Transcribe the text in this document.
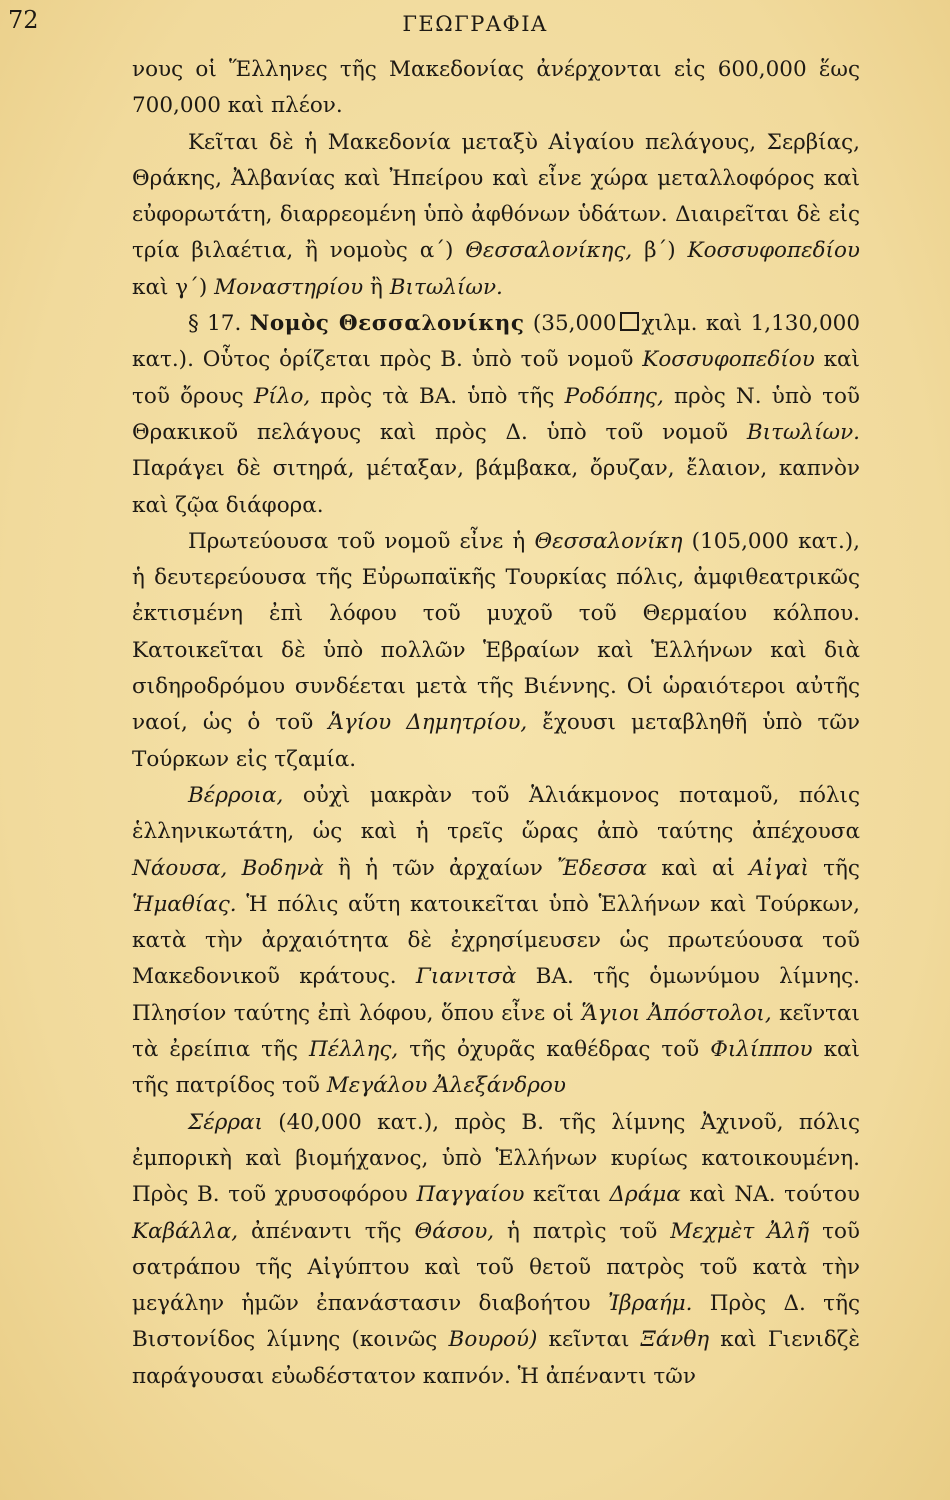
72	ΓΕΩΓΡΑΦΙΑ

νους οἱ Ἕλληνες τῆς Μακεδονίας ἀνέρχονται εἰς 600,000 ἕως 700,000 καὶ πλέον.

Κεῖται δὲ ἡ Μακεδονία μεταξὺ Αἰγαίου πελάγους, Σερβίας, Θράκης, Ἀλβανίας καὶ Ἠπείρου καὶ εἶνε χώρα μεταλλοφόρος καὶ εὐφορωτάτη, διαρρεομένη ὑπὸ ἀφθόνων ὑδάτων. Διαιρεῖται δὲ εἰς τρία βιλαέτια, ἢ νομοὺς α΄) Θεσσαλονίκης, β΄) Κοσσυφοπεδίου καὶ γ΄) Μοναστηρίου ἢ Βιτωλίων.

§ 17. Νομὸς Θεσσαλονίκης (35,000 χιλμ. καὶ 1,130,000 κατ.). Οὗτος ὁρίζεται πρὸς Β. ὑπὸ τοῦ νομοῦ Κοσσυφοπεδίου καὶ τοῦ ὄρους Ρίλο, πρὸς τὰ ΒΑ. ὑπὸ τῆς Ροδόπης, πρὸς Ν. ὑπὸ τοῦ Θρακικοῦ πελάγους καὶ πρὸς Δ. ὑπὸ τοῦ νομοῦ Βιτωλίων. Παράγει δὲ σιτηρά, μέταξαν, βάμβακα, ὄρυζαν, ἔλαιον, καπνὸν καὶ ζῷα διάφορα.

Πρωτεύουσα τοῦ νομοῦ εἶνε ἡ Θεσσαλονίκη (105,000 κατ.), ἡ δευτερεύουσα τῆς Εὐρωπαϊκῆς Τουρκίας πόλις, ἀμφιθεατρικῶς ἐκτισμένη ἐπὶ λόφου τοῦ μυχοῦ τοῦ Θερμαίου κόλπου. Κατοικεῖται δὲ ὑπὸ πολλῶν Ἑβραίων καὶ Ἑλλήνων καὶ διὰ σιδηροδρόμου συνδέεται μετὰ τῆς Βιέννης. Οἱ ὡραιότεροι αὐτῆς ναοί, ὡς ὁ τοῦ Ἁγίου Δημητρίου, ἔχουσι μεταβληθῆ ὑπὸ τῶν Τούρκων εἰς τζαμία.

Βέρροια, οὐχὶ μακρὰν τοῦ Ἁλιάκμονος ποταμοῦ, πόλις ἑλληνικωτάτη, ὡς καὶ ἡ τρεῖς ὥρας ἀπὸ ταύτης ἀπέχουσα Νάουσα, Βοδηνὰ ἢ ἡ τῶν ἀρχαίων Ἔδεσσα καὶ αἱ Αἰγαὶ τῆς Ἡμαθίας. Ἡ πόλις αὕτη κατοικεῖται ὑπὸ Ἑλλήνων καὶ Τούρκων, κατὰ τὴν ἀρχαιότητα δὲ ἐχρησίμευσεν ὡς πρωτεύουσα τοῦ Μακεδονικοῦ κράτους. Γιανιτσὰ ΒΑ. τῆς ὁμωνύμου λίμνης. Πλησίον ταύτης ἐπὶ λόφου, ὅπου εἶνε οἱ Ἅγιοι Ἀπόστολοι, κεῖνται τὰ ἐρείπια τῆς Πέλλης, τῆς ὀχυρᾶς καθέδρας τοῦ Φιλίππου καὶ τῆς πατρίδος τοῦ Μεγάλου Ἀλεξάνδρου

Σέρραι (40,000 κατ.), πρὸς Β. τῆς λίμνης Ἀχινοῦ, πόλις ἐμπορικὴ καὶ βιομήχανος, ὑπὸ Ἑλλήνων κυρίως κατοικουμένη. Πρὸς Β. τοῦ χρυσοφόρου Παγγαίου κεῖται Δράμα καὶ ΝΑ. τούτου Καβάλλα, ἀπέναντι τῆς Θάσου, ἡ πατρὶς τοῦ Μεχμὲτ Ἀλῆ τοῦ σατράπου τῆς Αἰγύπτου καὶ τοῦ θετοῦ πατρὸς τοῦ κατὰ τὴν μεγάλην ἡμῶν ἐπανάστασιν διαβοήτου Ἰβραήμ. Πρὸς Δ. τῆς Βιστονίδος λίμνης (κοινῶς Βουρού) κεῖνται Ξάνθη καὶ Γιενιδζὲ παράγουσαι εὐωδέστατον καπνόν. Ἡ ἀπέναντι τῶν
